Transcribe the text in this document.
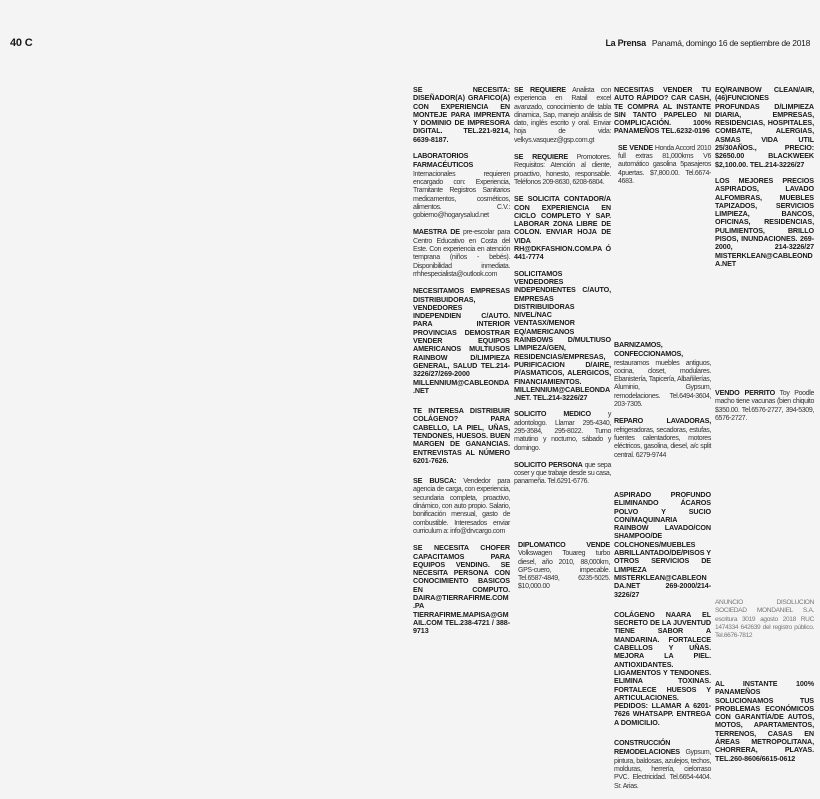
40 C	La Prensa Panamá, domingo 16 de septiembre de 2018

SE NECESITA: DISEÑADOR(A) GRAFICO(A) CON EXPERIENCIA EN MONTEJE PARA IMPRENTA Y DOMINIO DE IMPRESORA DIGITAL. TEL.221-9214, 6639-8187.

LABORATORIOS FARMACÉUTICOS Internacionales requieren encargado con: Experiencia, Tramitante Registros Sanitarios medicamentos, cosméticos, alimentos. C.V.: gobierno@hogarysalud.net

MAESTRA DE pre-escolar para Centro Educativo en Costa del Este. Con experiencia en atención temprana (niños - bebés). Disponibilidad inmediata. rrhhespecialista@outlook.com

NECESITAMOS EMPRESAS DISTRIBUIDORAS, VENDEDORES INDEPENDIEN C/AUTO. PARA INTERIOR PROVINCIAS DEMOSTRAR VENDER EQUIPOS AMERICANOS MULTIUSOS RAINBOW D/LIMPIEZA GENERAL, SALUD TEL.214-3226/27/269-2000 MILLENNIUM@CABLEONDA.NET

TE INTERESA DISTRIBUIR COLÁGENO? PARA CABELLO, LA PIEL, UÑAS, TENDONES, HUESOS. BUEN MARGEN DE GANANCIAS. ENTREVISTAS AL NÚMERO 6201-7626.

SE BUSCA: Vendedor para agencia de carga, con experiencia, secundaria completa, proactivo, dinámico, con auto propio. Salario, bonificación mensual, gasto de combustible. Interesados enviar curriculum a: info@drvcargo.com

SE NECESITA CHOFER CAPACITAMOS PARA EQUIPOS VENDING. SE NECESITA PERSONA CON CONOCIMIENTO BASICOS EN COMPUTO. DAIRA@TIERRAFIRME.COM.PA TIERRAFIRME.MAPISA@GMAIL.COM TEL.238-4721 / 388-9713

SE REQUIERE Analista con experiencia en Ratail excel avanzado, conocimiento de tabla dinamica, Sap, manejo análisis de dato, inglés escrito y oral. Enviar hoja de vida: velkys.vasquez@gsp.com.gt

SE REQUIERE Promotores. Requisitos: Atención al cliente, proactivo, honesto, responsable. Teléfonos 209-8630, 6208-6804.

SE SOLICITA CONTADOR/A CON EXPERIENCIA EN CICLO COMPLETO Y SAP. LABORAR ZONA LIBRE DE COLON. ENVIAR HOJA DE VIDA RH@DKFASHION.COM.PA Ó 441-7774

SOLICITAMOS VENDEDORES INDEPENDIENTES C/AUTO, EMPRESAS DISTRIBUIDORAS NIVEL/NAC VENTASX/MENOR EQ/AMERICANOS RAINBOWS D/MULTIUSO LIMPIEZA/GEN, RESIDENCIAS/EMPRESAS, PURIFICACION D/AIRE, P/ASMATICOS, ALERGICOS, FINANCIAMIENTOS. MILLENNIUM@CABLEONDA.NET. TEL.214-3226/27

SOLICITO MEDICO y adontologo. Llamar 295-4340, 295-3584, 295-8022. Turno matutino y nocturno, sábado y domingo.

SOLICITO PERSONA que sepa coser y que trabaje desde su casa, panameña. Tel.6291-6776.

DIPLOMATICO VENDE Volkswagen Touareg turbo diesel, año 2010, 88,000km, GPS-cuero, impecable. Tel.6587-4849, 6235-5025. $10,000.00

NECESITAS VENDER TU AUTO RÁPIDO? CAR CASH, TE COMPRA AL INSTANTE SIN TANTO PAPELEO NI COMPLICACIÓN. 100% PANAMEÑOS TEL.6232-0196

SE VENDE Honda Accord 2010 full extras 81,000kms V6 automático gasolina 5pasajeros 4puertas. $7,800.00. Tel.6674-4683.

BARNIZAMOS, CONFECCIONAMOS, restauramos muebles antiguos, cocina, closet, modulares. Ebanistería, Tapicería, Albañilerías, Aluminio, Gypsum, remodelaciones. Tel.6494-3604, 203-7305.

REPARO LAVADORAS, refrigeradoras, secadoras, estufas, fuentes calentadores, motores eléctricos, gasolina, diesel, a/c split central. 6279-9744

ASPIRADO PROFUNDO ELIMINANDO ÁCAROS POLVO Y SUCIO CON/MAQUINARIA RAINBOW LAVADO/CON SHAMPOO/DE COLCHONES/MUEBLES ABRILLANTADO/DE/PISOS Y OTROS SERVICIOS DE LIMPIEZA MISTERKLEAN@CABLEONDA.NET 269-2000/214-3226/27

COLÁGENO NAARA EL SECRETO DE LA JUVENTUD TIENE SABOR A MANDARINA. FORTALECE CABELLOS Y UÑAS. MEJORA LA PIEL. ANTIOXIDANTES. LIGAMENTOS Y TENDONES. ELIMINA TOXINAS. FORTALECE HUESOS Y ARTICULACIONES. PEDIDOS: LLAMAR A 6201-7626 WHATSAPP. ENTREGA A DOMICILIO.

CONSTRUCCIÓN REMODELACIONES Gypsum, pintura, baldosas, azulejos, techos, molduras, herrería, cielorraso PVC. Electricidad. Tel.6654-4404. Sr. Arias.

EQ/RAINBOW CLEAN/AIR, (46)FUNCIONES PROFUNDAS D/LIMPIEZA DIARIA, EMPRESAS, RESIDENCIAS, HOSPITALES, COMBATE, ALERGIAS, ASMAS VIDA UTIL 25/30AÑOS., PRECIO: $2650.00 BLACKWEEK $2,100.00. TEL.214-3226/27

LOS MEJORES PRECIOS ASPIRADOS, LAVADO ALFOMBRAS, MUEBLES TAPIZADOS, SERVICIOS LIMPIEZA, BANCOS, OFICINAS, RESIDENCIAS, PULIMIENTOS, BRILLO PISOS, INUNDACIONES. 269-2000, 214-3226/27 MISTERKLEAN@CABLEONDA.NET

VENDO PERRITO Toy Poodle macho tiene vacunas (bien chiquito $350.00. Tel.6576-2727, 394-5309, 6576-2727.

ANUNCIO DISOLUCION SOCIEDAD MONDANIEL S.A. escritura 3019 agosto 2018 RUC 1474334 642639 del registro público. Tel.6676-7812

AL INSTANTE 100% PANAMEÑOS SOLUCIONAMOS TUS PROBLEMAS ECONÓMICOS CON GARANTÍA/DE AUTOS, MOTOS, APARTAMENTOS, TERRENOS, CASAS EN ÁREAS METROPOLITANA, CHORRERA, PLAYAS. TEL.260-8606/6615-0612
